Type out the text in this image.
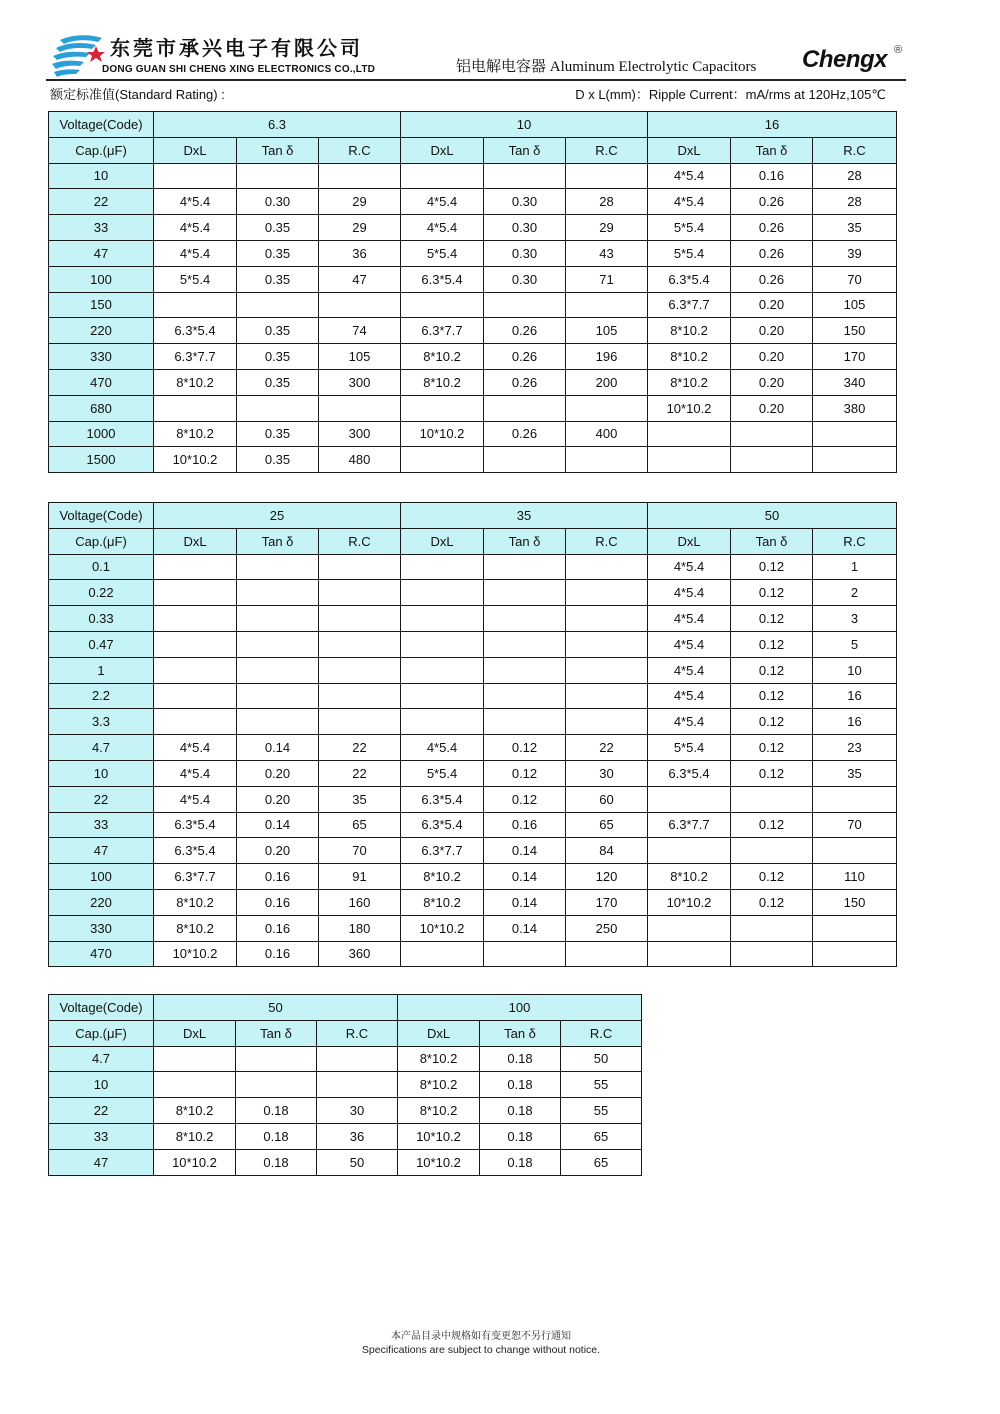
东莞市承兴电子有限公司
DONG GUAN SHI CHENG XING ELECTRONICS CO.,LTD	铝电解电容器 Aluminum Electrolytic Capacitors Chengx ®
额定标准值(Standard Rating) :	D x L(mm)：Ripple Current：mA/rms at 120Hz,105℃
Voltage(Code)	6.3			10			16		
Cap.(μF)	DxL	Tan δ	R.C	DxL	Tan δ	R.C	DxL	Tan δ	R.C
10							4*5.4	0.16	28
22	4*5.4	0.30	29	4*5.4	0.30	28	4*5.4	0.26	28
33	4*5.4	0.35	29	4*5.4	0.30	29	5*5.4	0.26	35
47	4*5.4	0.35	36	5*5.4	0.30	43	5*5.4	0.26	39
100	5*5.4	0.35	47	6.3*5.4	0.30	71	6.3*5.4	0.26	70
150							6.3*7.7	0.20	105
220	6.3*5.4	0.35	74	6.3*7.7	0.26	105	8*10.2	0.20	150
330	6.3*7.7	0.35	105	8*10.2	0.26	196	8*10.2	0.20	170
470	8*10.2	0.35	300	8*10.2	0.26	200	8*10.2	0.20	340
680							10*10.2	0.20	380
1000	8*10.2	0.35	300	10*10.2	0.26	400			
1500	10*10.2	0.35	480						
Voltage(Code)	25			35			50		
Cap.(μF)	DxL	Tan δ	R.C	DxL	Tan δ	R.C	DxL	Tan δ	R.C
0.1							4*5.4	0.12	1
0.22							4*5.4	0.12	2
0.33							4*5.4	0.12	3
0.47							4*5.4	0.12	5
1							4*5.4	0.12	10
2.2							4*5.4	0.12	16
3.3							4*5.4	0.12	16
4.7	4*5.4	0.14	22	4*5.4	0.12	22	5*5.4	0.12	23
10	4*5.4	0.20	22	5*5.4	0.12	30	6.3*5.4	0.12	35
22	4*5.4	0.20	35	6.3*5.4	0.12	60			
33	6.3*5.4	0.14	65	6.3*5.4	0.16	65	6.3*7.7	0.12	70
47	6.3*5.4	0.20	70	6.3*7.7	0.14	84			
100	6.3*7.7	0.16	91	8*10.2	0.14	120	8*10.2	0.12	110
220	8*10.2	0.16	160	8*10.2	0.14	170	10*10.2	0.12	150
330	8*10.2	0.16	180	10*10.2	0.14	250			
470	10*10.2	0.16	360						
Voltage(Code)	50			100		
Cap.(μF)	DxL	Tan δ	R.C	DxL	Tan δ	R.C
4.7				8*10.2	0.18	50
10				8*10.2	0.18	55
22	8*10.2	0.18	30	8*10.2	0.18	55
33	8*10.2	0.18	36	10*10.2	0.18	65
47	10*10.2	0.18	50	10*10.2	0.18	65
本产品目录中规格如有变更恕不另行通知
Specifications are subject to change without notice.
